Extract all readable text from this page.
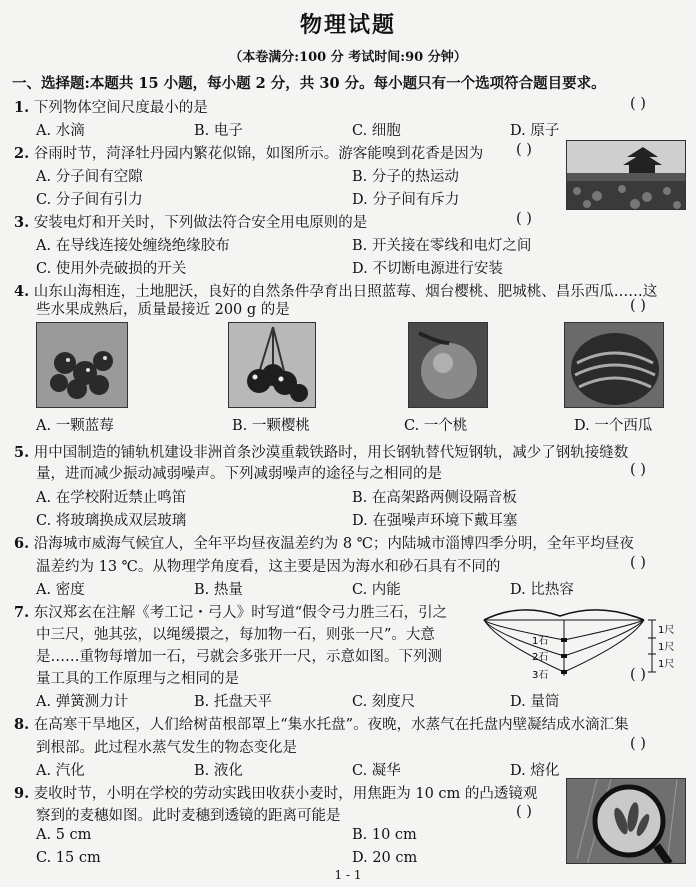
物理试题
（本卷满分:100 分 考试时间:90 分钟）
一、选择题:本题共 15 小题，每小题 2 分，共 30 分。每小题只有一个选项符合题目要求。
1. 下列物体空间尺度最小的是	( )
A. 水滴	B. 电子	C. 细胞	D. 原子
2. 谷雨时节，菏泽牡丹园内繁花似锦，如图所示。游客能嗅到花香是因为 ( )
A. 分子间有空隙	B. 分子的热运动
C. 分子间有引力	D. 分子间有斥力
3. 安装电灯和开关时，下列做法符合安全用电原则的是	( )
A. 在导线连接处缠绕绝缘胶布	B. 开关接在零线和电灯之间
C. 使用外壳破损的开关	D. 不切断电源进行安装
4. 山东山海相连，土地肥沃，良好的自然条件孕育出日照蓝莓、烟台樱桃、肥城桃、昌乐西瓜……这
些水果成熟后，质量最接近 200 g 的是	( )
A. 一颗蓝莓	B. 一颗樱桃	C. 一个桃	D. 一个西瓜
5. 用中国制造的铺轨机建设非洲首条沙漠重载铁路时，用长钢轨替代短钢轨，减少了钢轨接缝数
量，进而减少振动减弱噪声。下列减弱噪声的途径与之相同的是	( )
A. 在学校附近禁止鸣笛	B. 在高架路两侧设隔音板
C. 将玻璃换成双层玻璃	D. 在强噪声环境下戴耳塞
6. 沿海城市威海气候宜人，全年平均昼夜温差约为 8 ℃；内陆城市淄博四季分明，全年平均昼夜
温差约为 13 ℃。从物理学角度看，这主要是因为海水和砂石具有不同的	( )
A. 密度	B. 热量	C. 内能	D. 比热容
7. 东汉郑玄在注解《考工记・弓人》时写道“假令弓力胜三石，引之
中三尺，弛其弦，以绳缓擐之，每加物一石，则张一尺”。大意
是……重物每增加一石，弓就会多张开一尺，示意如图。下列测
量工具的工作原理与之相同的是	( )
A. 弹簧测力计	B. 托盘天平	C. 刻度尺	D. 量筒
1石
2石
3石
1尺
1尺
1尺
8. 在高寒干旱地区，人们给树苗根部罩上“集水托盘”。夜晚，水蒸气在托盘内壁凝结成水滴汇集
到根部。此过程水蒸气发生的物态变化是	( )
A. 汽化	B. 液化	C. 凝华	D. 熔化
9. 麦收时节，小明在学校的劳动实践田收获小麦时，用焦距为 10 cm 的凸透镜观
察到的麦穗如图。此时麦穗到透镜的距离可能是	( )
A. 5 cm	B. 10 cm
C. 15 cm	D. 20 cm
1 - 1
